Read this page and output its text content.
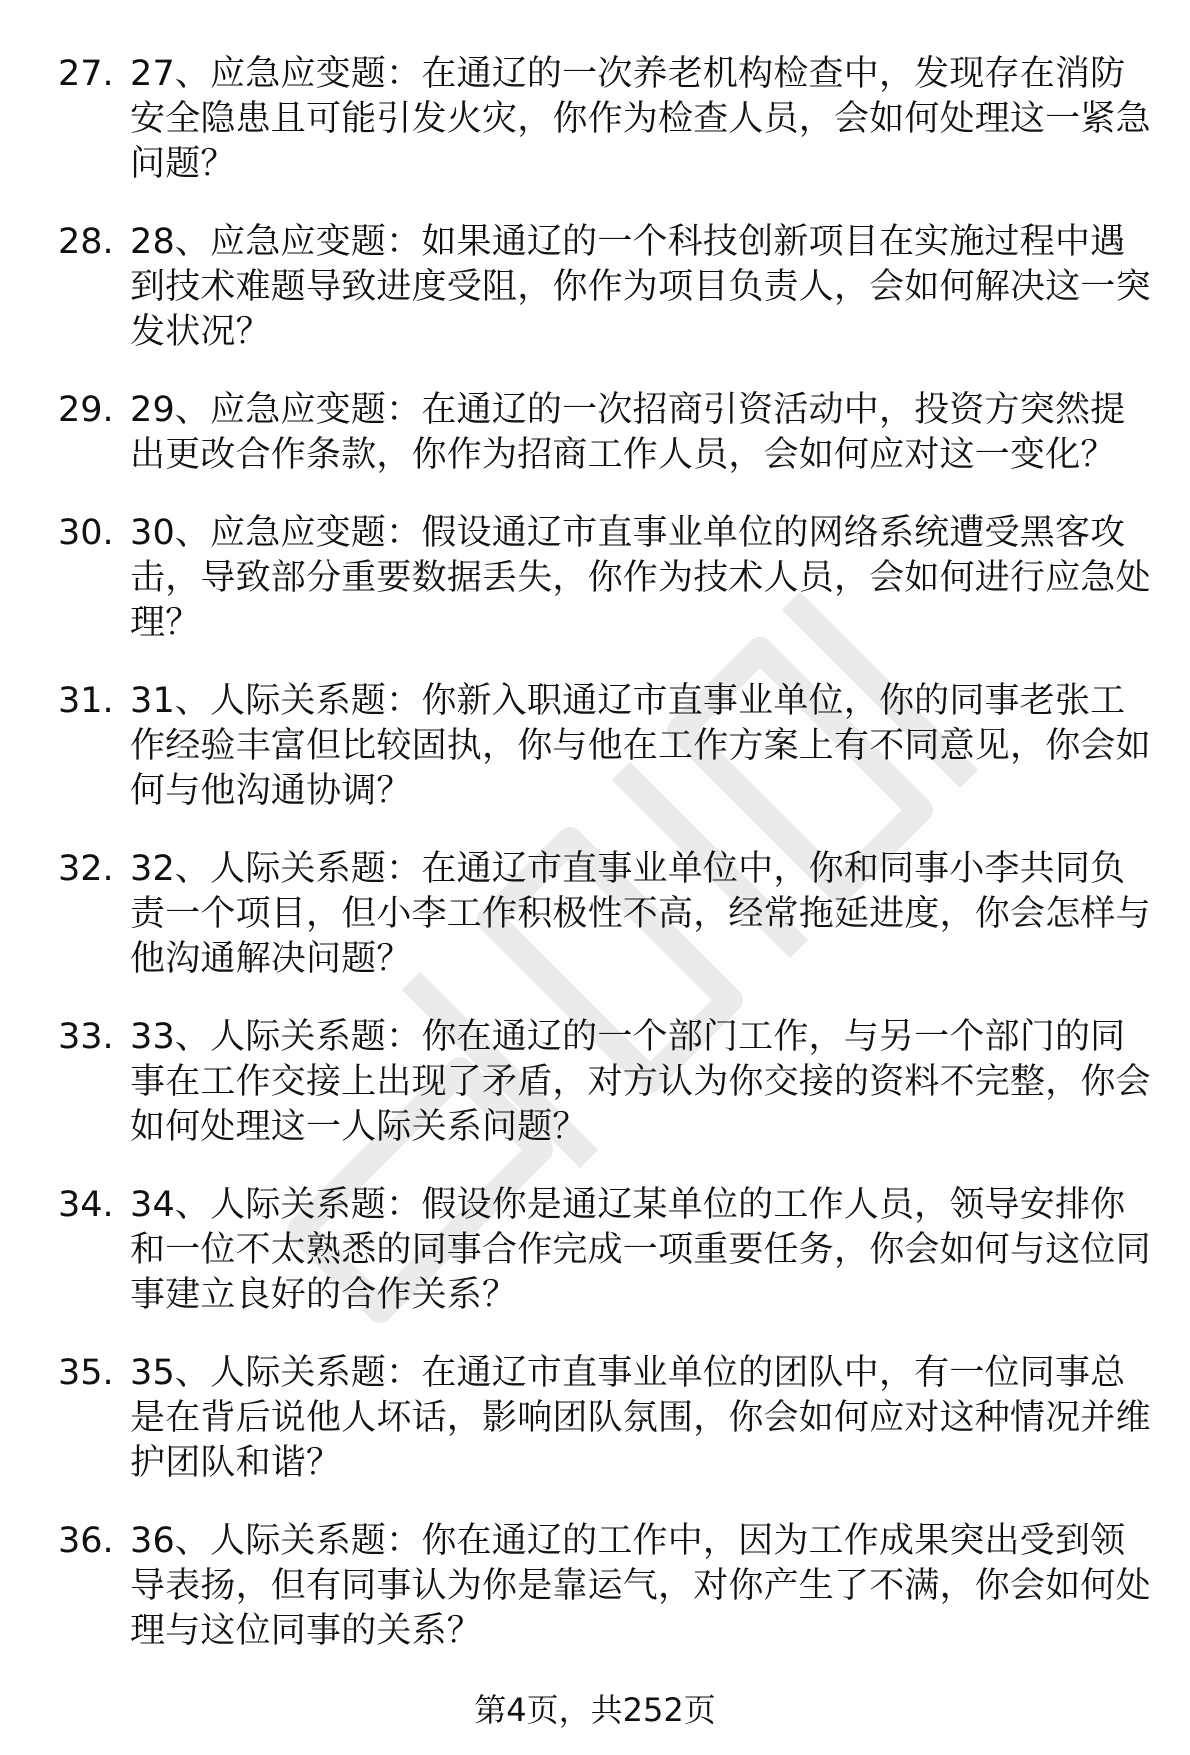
27. 27、应急应变题：在通辽的一次养老机构检查中，发现存在消防安全隐患且可能引发火灾，你作为检查人员，会如何处理这一紧急问题？
28. 28、应急应变题：如果通辽的一个科技创新项目在实施过程中遇到技术难题导致进度受阻，你作为项目负责人，会如何解决这一突发状况？
29. 29、应急应变题：在通辽的一次招商引资活动中，投资方突然提出更改合作条款，你作为招商工作人员，会如何应对这一变化？
30. 30、应急应变题：假设通辽市直事业单位的网络系统遭受黑客攻击，导致部分重要数据丢失，你作为技术人员，会如何进行应急处理？
31. 31、人际关系题：你新入职通辽市直事业单位，你的同事老张工作经验丰富但比较固执，你与他在工作方案上有不同意见，你会如何与他沟通协调？
32. 32、人际关系题：在通辽市直事业单位中，你和同事小李共同负责一个项目，但小李工作积极性不高，经常拖延进度，你会怎样与他沟通解决问题？
33. 33、人际关系题：你在通辽的一个部门工作，与另一个部门的同事在工作交接上出现了矛盾，对方认为你交接的资料不完整，你会如何处理这一人际关系问题？
34. 34、人际关系题：假设你是通辽某单位的工作人员，领导安排你和一位不太熟悉的同事合作完成一项重要任务，你会如何与这位同事建立良好的合作关系？
35. 35、人际关系题：在通辽市直事业单位的团队中，有一位同事总是在背后说他人坏话，影响团队氛围，你会如何应对这种情况并维护团队和谐？
36. 36、人际关系题：你在通辽的工作中，因为工作成果突出受到领导表扬，但有同事认为你是靠运气，对你产生了不满，你会如何处理与这位同事的关系？
第4页，共252页
